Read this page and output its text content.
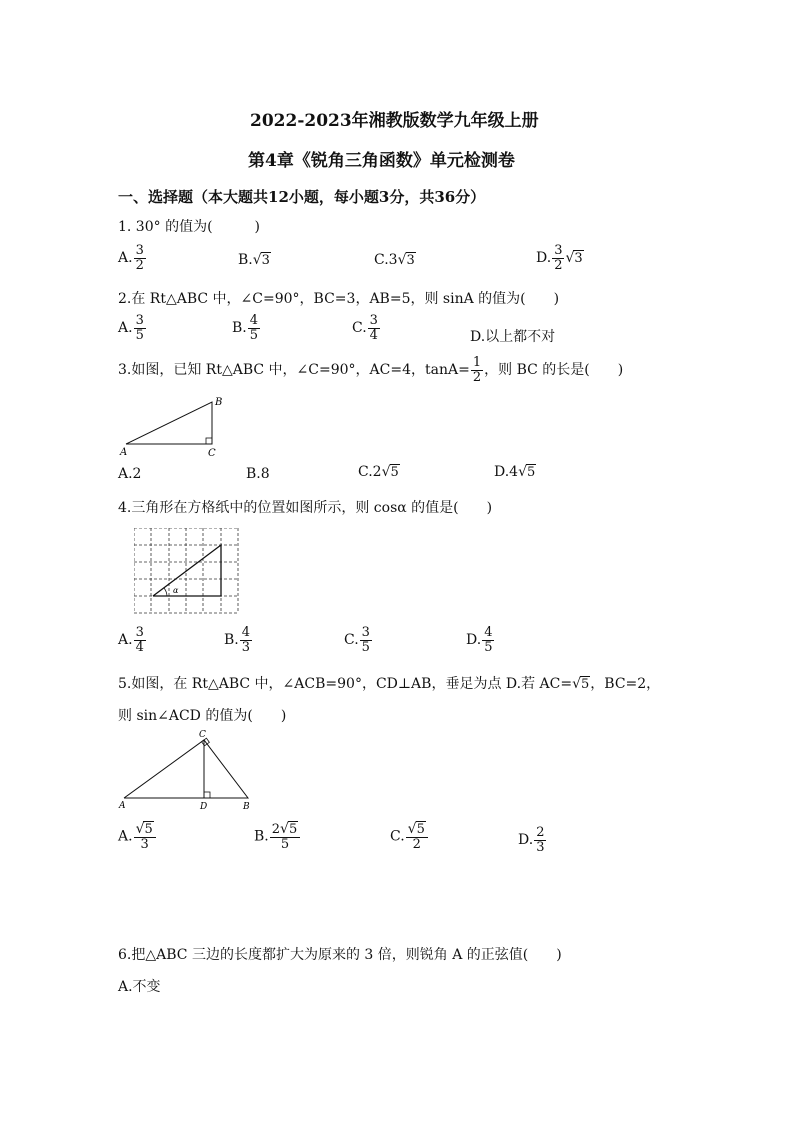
2022-2023年湘教版数学九年级上册
第4章《锐角三角函数》单元检测卷
一、选择题（本大题共12小题，每小题3分，共36分）
1. 30° 的值为(　　　)
A. $\frac{3}{2}$	B.√3	C.3√3	D. $\frac{3}{2} √3$
2.在 Rt△ABC 中，∠C=90°，BC=3，AB=5，则 sinA 的值为(　　)
A. $\frac{3}{5}$	B. $\frac{4}{5}$	C. $\frac{3}{4}$	D.以上都不对
3.如图，已知 Rt△ABC 中，∠C=90°，AC=4，$\tan A= \frac{1}{2}$ ，则 BC 的长是(　　)
A
B
C
A.2	B.8	C.2√5	D.4√5
4.三角形在方格纸中的位置如图所示，则 cosα 的值是(　　)
α
A. $\frac{3}{4}$	B. $\frac{4}{3}$	C. $\frac{3}{5}$	D. $\frac{4}{5}$
5.如图，在 Rt△ABC 中，∠ACB=90°，CD⊥AB，垂足为点 D.若 AC=√5，BC=2，
则 sin∠ACD 的值为(　　)
A
C
D	B
A. $\frac{√5}{3}$	B. $\frac{2√5}{5}$	C. $\frac{√5}{2}$	D. $\frac{2}{3}$
6.把△ABC 三边的长度都扩大为原来的 3 倍，则锐角 A 的正弦值(　　)
A.不变
